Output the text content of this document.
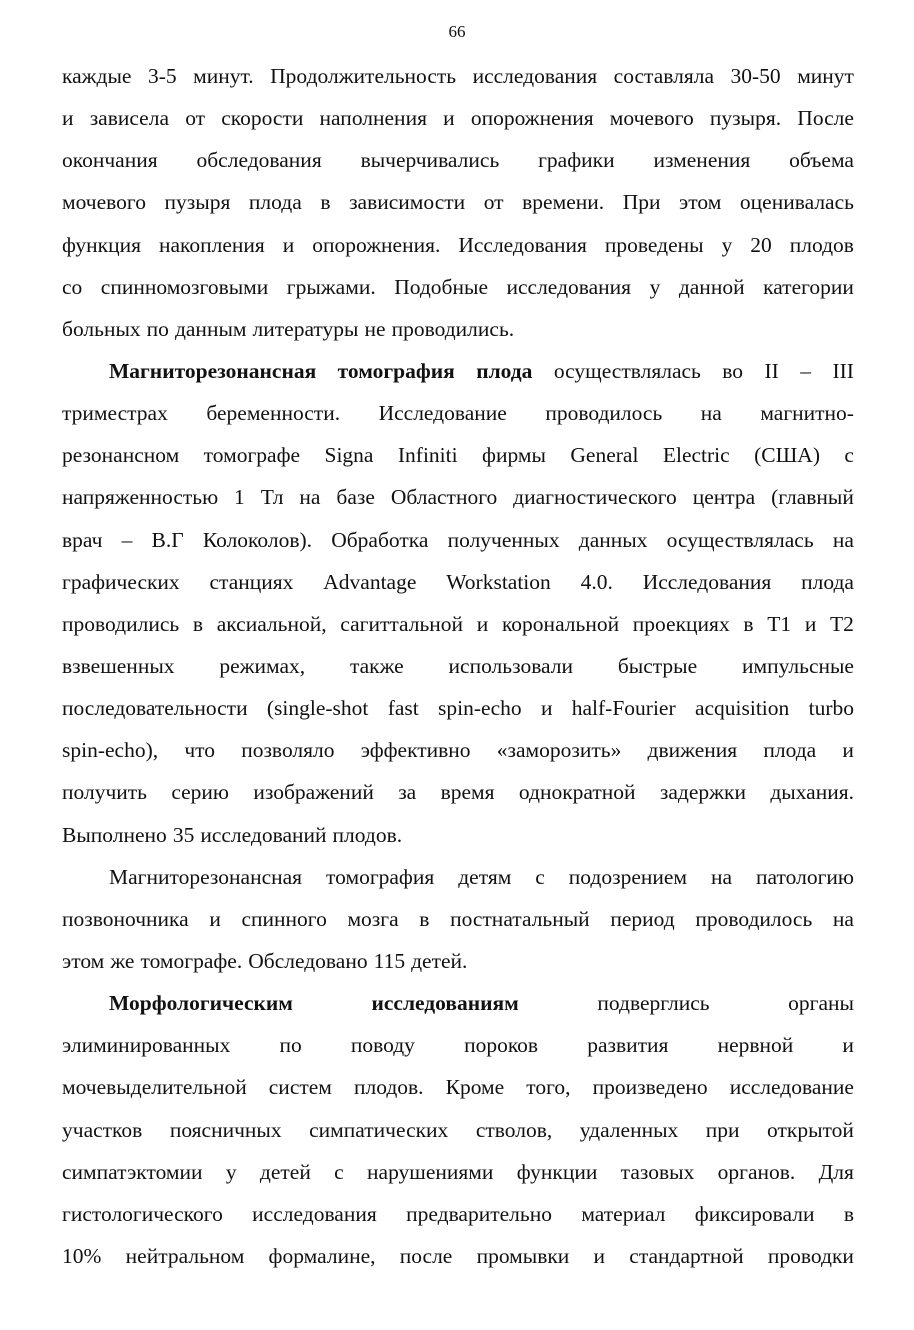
66
каждые 3-5 минут. Продолжительность исследования составляла 30-50 минут
и зависела от скорости наполнения и опорожнения мочевого пузыря. После
окончания обследования вычерчивались графики изменения объема
мочевого пузыря плода в зависимости от времени. При этом оценивалась
функция накопления и опорожнения. Исследования проведены у 20 плодов
со спинномозговыми грыжами. Подобные исследования у данной категории
больных по данным литературы не проводились.
Магниторезонансная томография плода осуществлялась во II – III
триместрах беременности. Исследование проводилось на магнитно-
резонансном томографе Signa Infiniti фирмы General Electric (США) с
напряженностью 1 Тл на базе Областного диагностического центра (главный
врач – В.Г Колоколов). Обработка полученных данных осуществлялась на
графических станциях Advantage Workstation 4.0. Исследования плода
проводились в аксиальной, сагиттальной и корональной проекциях в T1 и T2
взвешенных режимах, также использовали быстрые импульсные
последовательности (single-shot fast spin-echo и half-Fourier acquisition turbo
spin-echo), что позволяло эффективно «заморозить» движения плода и
получить серию изображений за время однократной задержки дыхания.
Выполнено 35 исследований плодов.
Магниторезонансная томография детям с подозрением на патологию
позвоночника и спинного мозга в постнатальный период проводилось на
этом же томографе. Обследовано 115 детей.
Морфологическим	исследованиям	подверглись	органы
элиминированных по поводу пороков развития нервной и
мочевыделительной систем плодов. Кроме того, произведено исследование
участков поясничных симпатических стволов, удаленных при открытой
симпатэктомии у детей с нарушениями функции тазовых органов. Для
гистологического исследования предварительно материал фиксировали в
10% нейтральном формалине, после промывки и стандартной проводки
